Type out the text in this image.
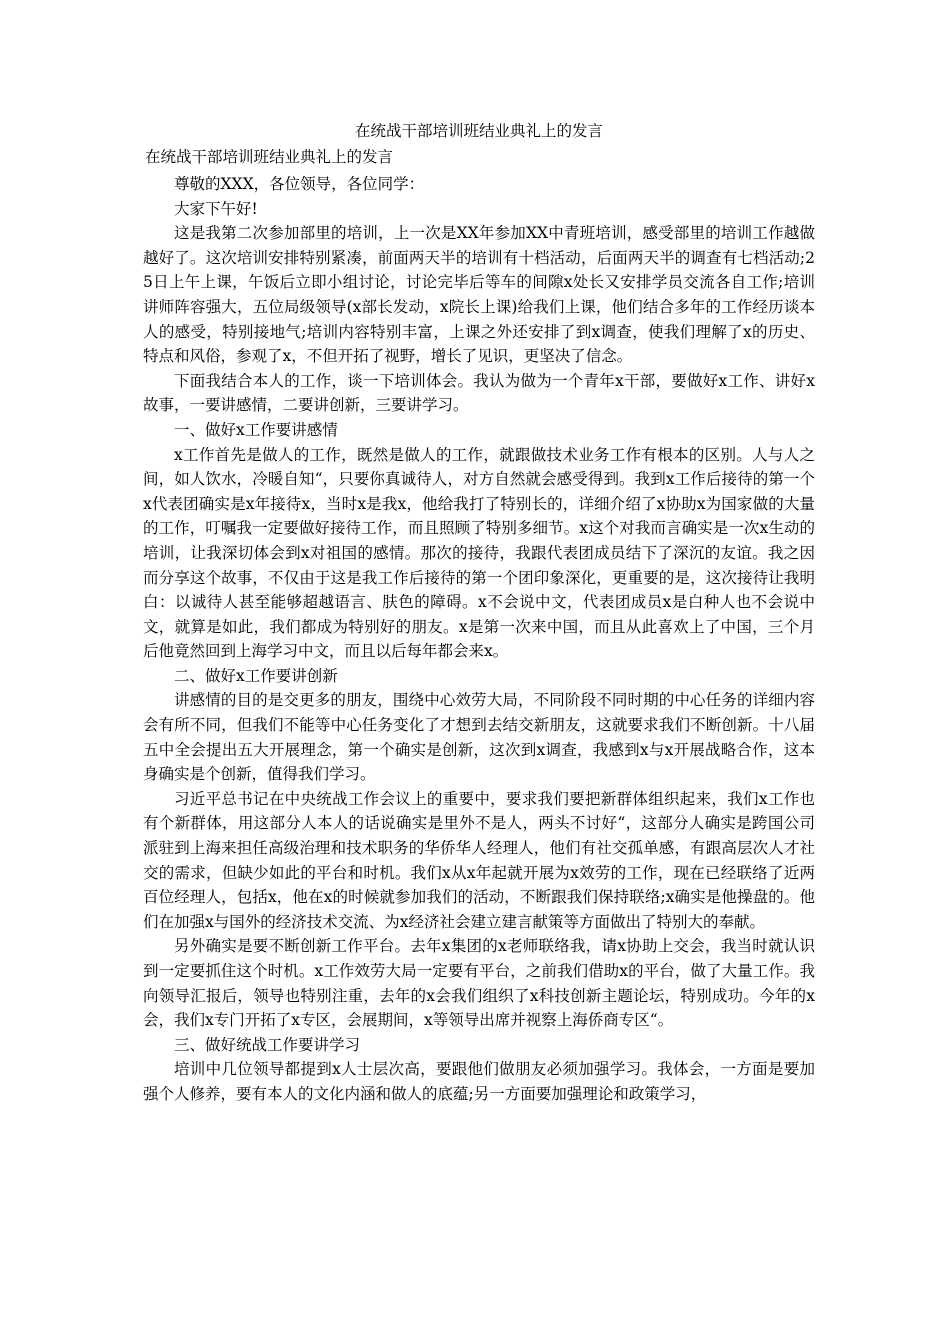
在统战干部培训班结业典礼上的发言
在统战干部培训班结业典礼上的发言

尊敬的XXX，各位领导，各位同学：

大家下午好!

这是我第二次参加部里的培训，上一次是XX年参加XX中青班培训，感受部里的培训工作越做越好了。这次培训安排特别紧凑，前面两天半的培训有十档活动，后面两天半的调查有七档活动;25日上午上课，午饭后立即小组讨论，讨论完毕后等车的间隙x处长又安排学员交流各自工作;培训讲师阵容强大，五位局级领导(x部长发动，x院长上课)给我们上课，他们结合多年的工作经历谈本人的感受，特别接地气;培训内容特别丰富，上课之外还安排了到x调查，使我们理解了x的历史、特点和风俗，参观了x，不但开拓了视野，增长了见识，更坚决了信念。

下面我结合本人的工作，谈一下培训体会。我认为做为一个青年x干部，要做好x工作、讲好x故事，一要讲感情，二要讲创新，三要讲学习。

一、做好x工作要讲感情

x工作首先是做人的工作，既然是做人的工作，就跟做技术业务工作有根本的区别。人与人之间，如人饮水，冷暖自知“，只要你真诚待人，对方自然就会感受得到。我到x工作后接待的第一个x代表团确实是x年接待x，当时x是我x，他给我打了特别长的，详细介绍了x协助x为国家做的大量的工作，叮嘱我一定要做好接待工作，而且照顾了特别多细节。x这个对我而言确实是一次x生动的培训，让我深切体会到x对祖国的感情。那次的接待，我跟代表团成员结下了深沉的友谊。我之因而分享这个故事，不仅由于这是我工作后接待的第一个团印象深化，更重要的是，这次接待让我明白：以诚待人甚至能够超越语言、肤色的障碍。x不会说中文，代表团成员x是白种人也不会说中文，就算是如此，我们都成为特别好的朋友。x是第一次来中国，而且从此喜欢上了中国，三个月后他竟然回到上海学习中文，而且以后每年都会来x。

二、做好x工作要讲创新

讲感情的目的是交更多的朋友，围绕中心效劳大局，不同阶段不同时期的中心任务的详细内容会有所不同，但我们不能等中心任务变化了才想到去结交新朋友，这就要求我们不断创新。十八届五中全会提出五大开展理念，第一个确实是创新，这次到x调查，我感到x与x开展战略合作，这本身确实是个创新，值得我们学习。

习近平总书记在中央统战工作会议上的重要中，要求我们要把新群体组织起来，我们x工作也有个新群体，用这部分人本人的话说确实是里外不是人，两头不讨好“，这部分人确实是跨国公司派驻到上海来担任高级治理和技术职务的华侨华人经理人，他们有社交孤单感，有跟高层次人才社交的需求，但缺少如此的平台和时机。我们x从x年起就开展为x效劳的工作，现在已经联络了近两百位经理人，包括x，他在x的时候就参加我们的活动，不断跟我们保持联络;x确实是他操盘的。他们在加强x与国外的经济技术交流、为x经济社会建立建言献策等方面做出了特别大的奉献。

另外确实是要不断创新工作平台。去年x集团的x老师联络我，请x协助上交会，我当时就认识到一定要抓住这个时机。x工作效劳大局一定要有平台，之前我们借助x的平台，做了大量工作。我向领导汇报后，领导也特别注重，去年的x会我们组织了x科技创新主题论坛，特别成功。今年的x会，我们x专门开拓了x专区，会展期间，x等领导出席并视察上海侨商专区“。

三、做好统战工作要讲学习

培训中几位领导都提到x人士层次高，要跟他们做朋友必须加强学习。我体会，一方面是要加强个人修养，要有本人的文化内涵和做人的底蕴;另一方面要加强理论和政策学习，
